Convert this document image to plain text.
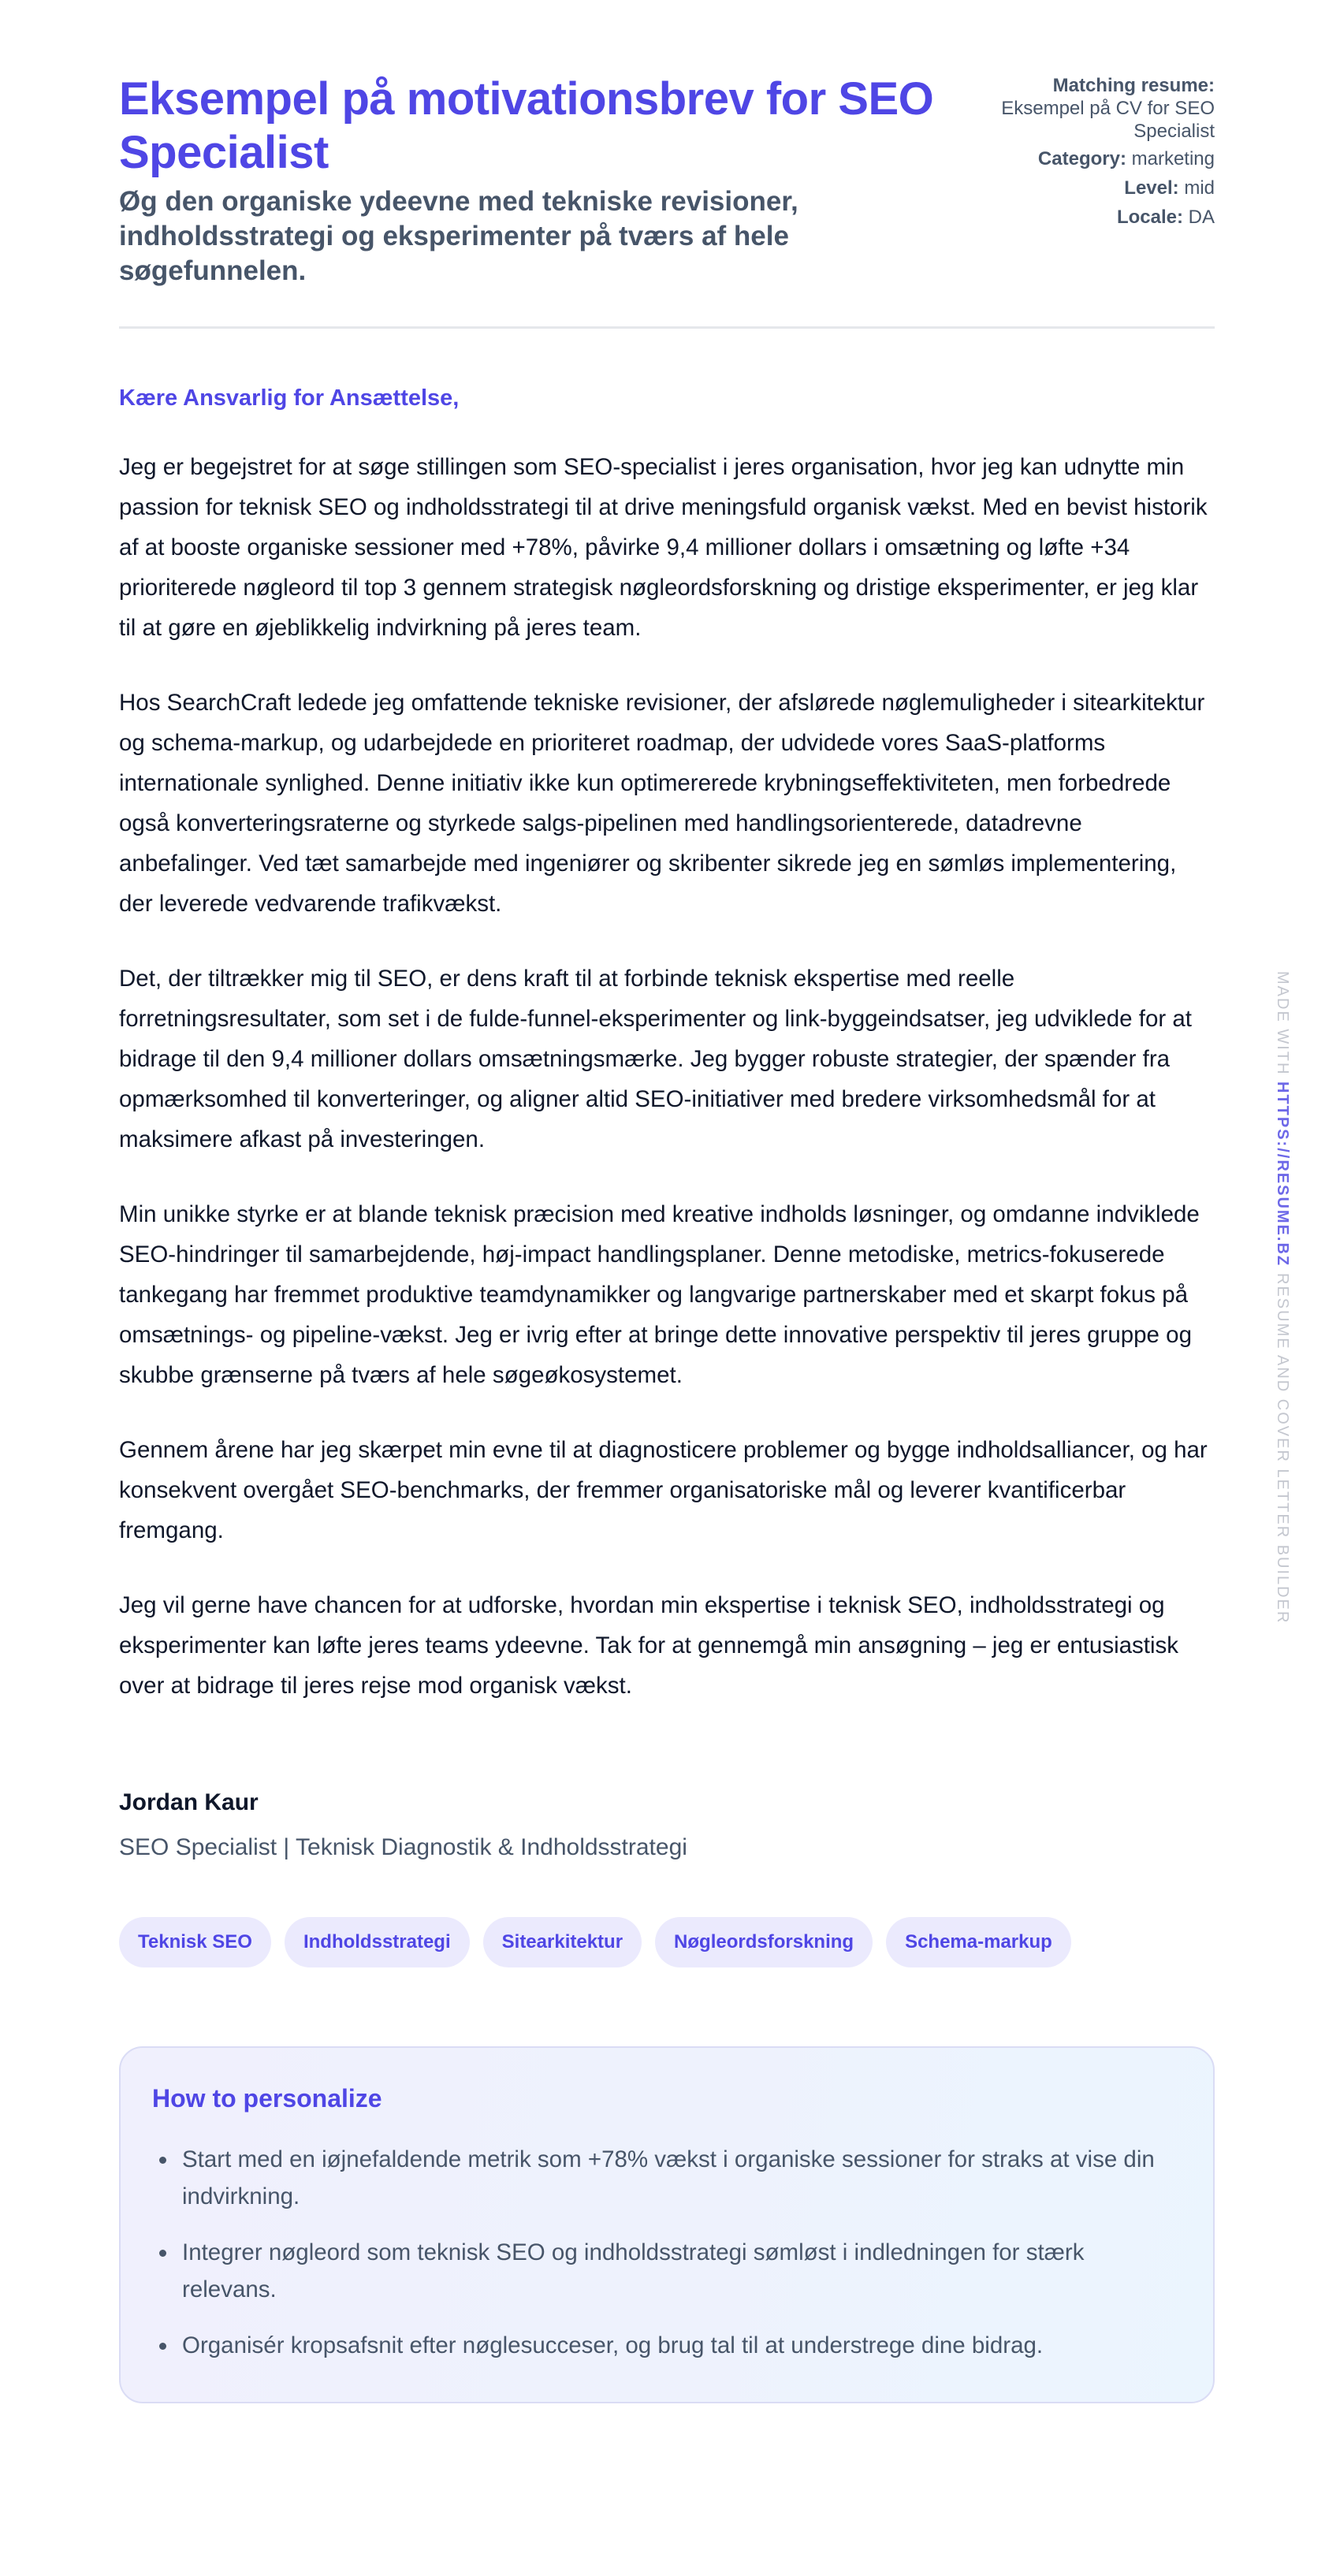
Eksempel på motivationsbrev for SEO Specialist
Øg den organiske ydeevne med tekniske revisioner, indholdsstrategi og eksperimenter på tværs af hele søgefunnelen.
Matching resume:
Eksempel på CV for SEO Specialist
Category: marketing
Level: mid
Locale: DA

Kære Ansvarlig for Ansættelse,

Jeg er begejstret for at søge stillingen som SEO-specialist i jeres organisation, hvor jeg kan udnytte min passion for teknisk SEO og indholdsstrategi til at drive meningsfuld organisk vækst. Med en bevist historik af at booste organiske sessioner med +78%, påvirke 9,4 millioner dollars i omsætning og løfte +34 prioriterede nøgleord til top 3 gennem strategisk nøgleordsforskning og dristige eksperimenter, er jeg klar til at gøre en øjeblikkelig indvirkning på jeres team.

Hos SearchCraft ledede jeg omfattende tekniske revisioner, der afslørede nøglemuligheder i sitearkitektur og schema-markup, og udarbejdede en prioriteret roadmap, der udvidede vores SaaS-platforms internationale synlighed. Denne initiativ ikke kun optimererede krybningseffektiviteten, men forbedrede også konverteringsraterne og styrkede salgs-pipelinen med handlingsorienterede, datadrevne anbefalinger. Ved tæt samarbejde med ingeniører og skribenter sikrede jeg en sømløs implementering, der leverede vedvarende trafikvækst.

Det, der tiltrækker mig til SEO, er dens kraft til at forbinde teknisk ekspertise med reelle forretningsresultater, som set i de fulde-funnel-eksperimenter og link-byggeindsatser, jeg udviklede for at bidrage til den 9,4 millioner dollars omsætningsmærke. Jeg bygger robuste strategier, der spænder fra opmærksomhed til konverteringer, og aligner altid SEO-initiativer med bredere virksomhedsmål for at maksimere afkast på investeringen.

Min unikke styrke er at blande teknisk præcision med kreative indholds løsninger, og omdanne indviklede SEO-hindringer til samarbejdende, høj-impact handlingsplaner. Denne metodiske, metrics-fokuserede tankegang har fremmet produktive teamdynamikker og langvarige partnerskaber med et skarpt fokus på omsætnings- og pipeline-vækst. Jeg er ivrig efter at bringe dette innovative perspektiv til jeres gruppe og skubbe grænserne på tværs af hele søgeøkosystemet.

Gennem årene har jeg skærpet min evne til at diagnosticere problemer og bygge indholdsalliancer, og har konsekvent overgået SEO-benchmarks, der fremmer organisatoriske mål og leverer kvantificerbar fremgang.

Jeg vil gerne have chancen for at udforske, hvordan min ekspertise i teknisk SEO, indholdsstrategi og eksperimenter kan løfte jeres teams ydeevne. Tak for at gennemgå min ansøgning – jeg er entusiastisk over at bidrage til jeres rejse mod organisk vækst.

Jordan Kaur
SEO Specialist | Teknisk Diagnostik & Indholdsstrategi
Teknisk SEO	Indholdsstrategi	Sitearkitektur	Nøgleordsforskning	Schema-markup
How to personalize
Start med en iøjnefaldende metrik som +78% vækst i organiske sessioner for straks at vise din indvirkning.
Integrer nøgleord som teknisk SEO og indholdsstrategi sømløst i indledningen for stærk relevans.
Organisér kropsafsnit efter nøglesucceser, og brug tal til at understrege dine bidrag.
MADE WITH HTTPS://RESUME.BZ RESUME AND COVER LETTER BUILDER
